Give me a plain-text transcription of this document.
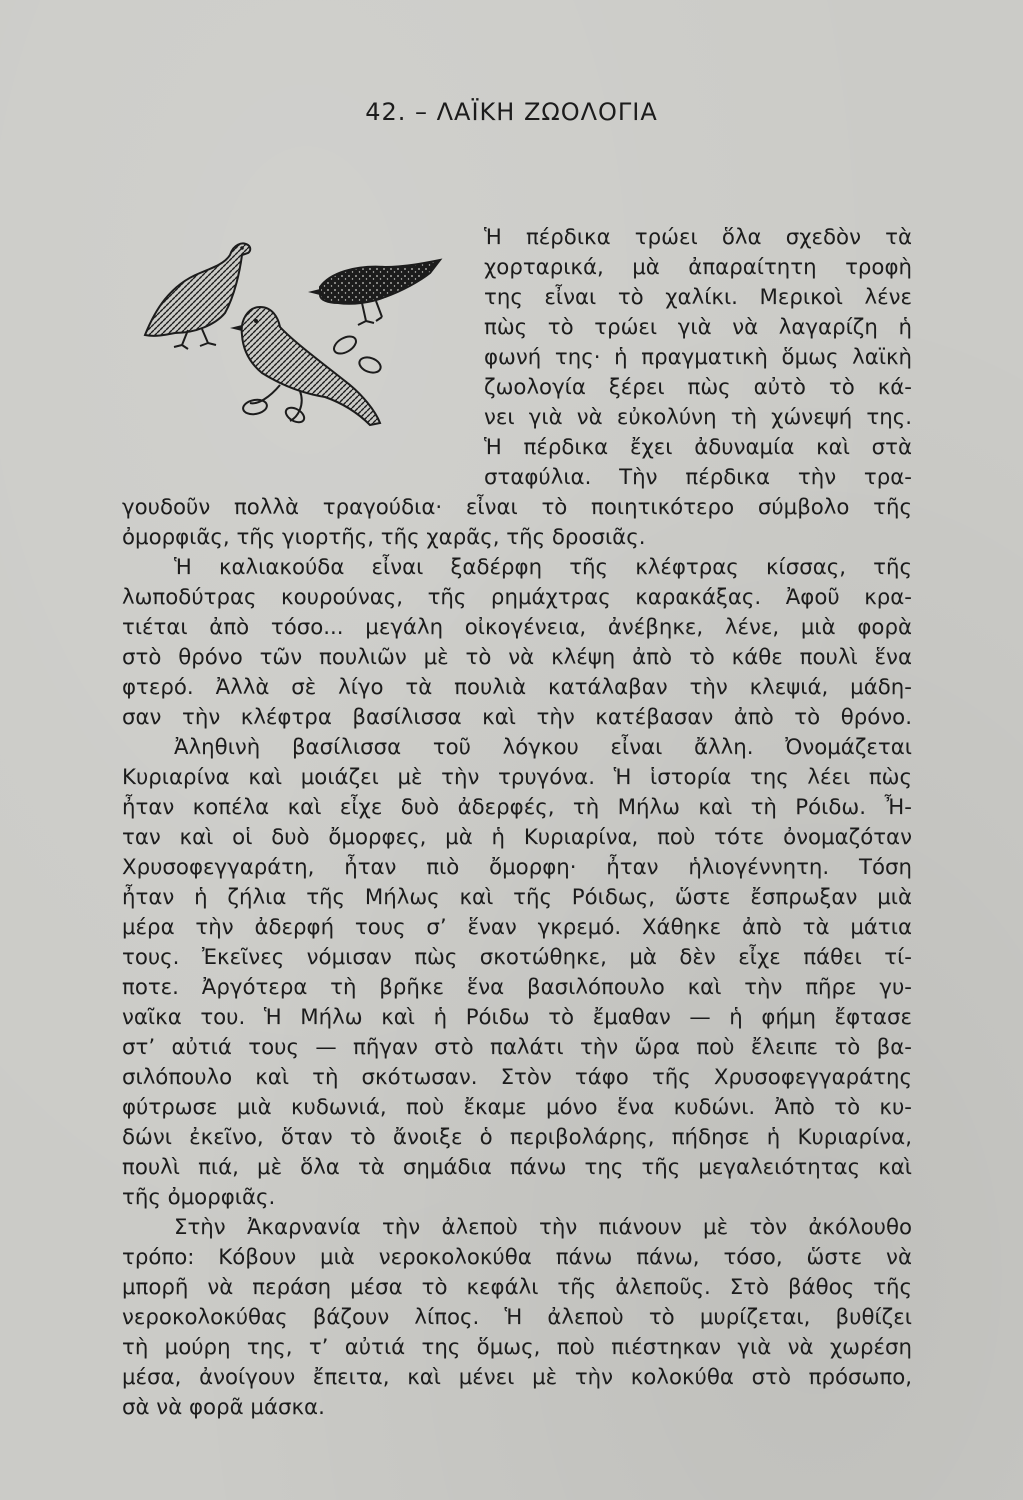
42. – ΛΑΪΚΗ ΖΩΟΛΟΓΙΑ
Ἡ πέρδικα τρώει ὅλα σχεδὸν τὰ
χορταρικά, μὰ ἀπαραίτητη τροφὴ
της εἶναι τὸ χαλίκι. Μερικοὶ λένε
πὼς τὸ τρώει γιὰ νὰ λαγαρίζη ἡ
φωνή της· ἡ πραγματικὴ ὅμως λαϊκὴ
ζωολογία ξέρει πὼς αὐτὸ τὸ κά-
νει γιὰ νὰ εὐκολύνη τὴ χώνεψή της.
Ἡ πέρδικα ἔχει ἀδυναμία καὶ στὰ
σταφύλια. Τὴν πέρδικα τὴν τρα-
γουδοῦν πολλὰ τραγούδια· εἶναι τὸ ποιητικότερο σύμβολο τῆς
ὀμορφιᾶς, τῆς γιορτῆς, τῆς χαρᾶς, τῆς δροσιᾶς.
Ἡ καλιακούδα εἶναι ξαδέρφη τῆς κλέφτρας κίσσας, τῆς
λωποδύτρας κουρούνας, τῆς ρημάχτρας καρακάξας. Ἀφοῦ κρα-
τιέται ἀπὸ τόσο... μεγάλη οἰκογένεια, ἀνέβηκε, λένε, μιὰ φορὰ
στὸ θρόνο τῶν πουλιῶν μὲ τὸ νὰ κλέψη ἀπὸ τὸ κάθε πουλὶ ἕνα
φτερό. Ἀλλὰ σὲ λίγο τὰ πουλιὰ κατάλαβαν τὴν κλεψιά, μάδη-
σαν τὴν κλέφτρα βασίλισσα καὶ τὴν κατέβασαν ἀπὸ τὸ θρόνο.
Ἀληθινὴ βασίλισσα τοῦ λόγκου εἶναι ἄλλη. Ὀνομάζεται
Κυριαρίνα καὶ μοιάζει μὲ τὴν τρυγόνα. Ἡ ἱστορία της λέει πὼς
ἦταν κοπέλα καὶ εἶχε δυὸ ἀδερφές, τὴ Μήλω καὶ τὴ Ρόιδω. Ἦ-
ταν καὶ οἱ δυὸ ὄμορφες, μὰ ἡ Κυριαρίνα, ποὺ τότε ὀνομαζόταν
Χρυσοφεγγαράτη, ἦταν πιὸ ὄμορφη· ἦταν ἡλιογέννητη. Τόση
ἦταν ἡ ζήλια τῆς Μήλως καὶ τῆς Ρόιδως, ὥστε ἔσπρωξαν μιὰ
μέρα τὴν ἀδερφή τους σ’ ἕναν γκρεμό. Χάθηκε ἀπὸ τὰ μάτια
τους. Ἐκεῖνες νόμισαν πὼς σκοτώθηκε, μὰ δὲν εἶχε πάθει τί-
ποτε. Ἀργότερα τὴ βρῆκε ἕνα βασιλόπουλο καὶ τὴν πῆρε γυ-
ναῖκα του. Ἡ Μήλω καὶ ἡ Ρόιδω τὸ ἔμαθαν — ἡ φήμη ἔφτασε
στ’ αὐτιά τους — πῆγαν στὸ παλάτι τὴν ὥρα ποὺ ἔλειπε τὸ βα-
σιλόπουλο καὶ τὴ σκότωσαν. Στὸν τάφο τῆς Χρυσοφεγγαράτης
φύτρωσε μιὰ κυδωνιά, ποὺ ἔκαμε μόνο ἕνα κυδώνι. Ἀπὸ τὸ κυ-
δώνι ἐκεῖνο, ὅταν τὸ ἄνοιξε ὁ περιβολάρης, πήδησε ἡ Κυριαρίνα,
πουλὶ πιά, μὲ ὅλα τὰ σημάδια πάνω της τῆς μεγαλειότητας καὶ
τῆς ὀμορφιᾶς.
Στὴν Ἀκαρνανία τὴν ἀλεποὺ τὴν πιάνουν μὲ τὸν ἀκόλουθο
τρόπο: Κόβουν μιὰ νεροκολοκύθα πάνω πάνω, τόσο, ὥστε νὰ
μπορῆ νὰ περάση μέσα τὸ κεφάλι τῆς ἀλεποῦς. Στὸ βάθος τῆς
νεροκολοκύθας βάζουν λίπος. Ἡ ἀλεποὺ τὸ μυρίζεται, βυθίζει
τὴ μούρη της, τ’ αὐτιά της ὅμως, ποὺ πιέστηκαν γιὰ νὰ χωρέση
μέσα, ἀνοίγουν ἔπειτα, καὶ μένει μὲ τὴν κολοκύθα στὸ πρόσωπο,
σὰ νὰ φορᾶ μάσκα.
